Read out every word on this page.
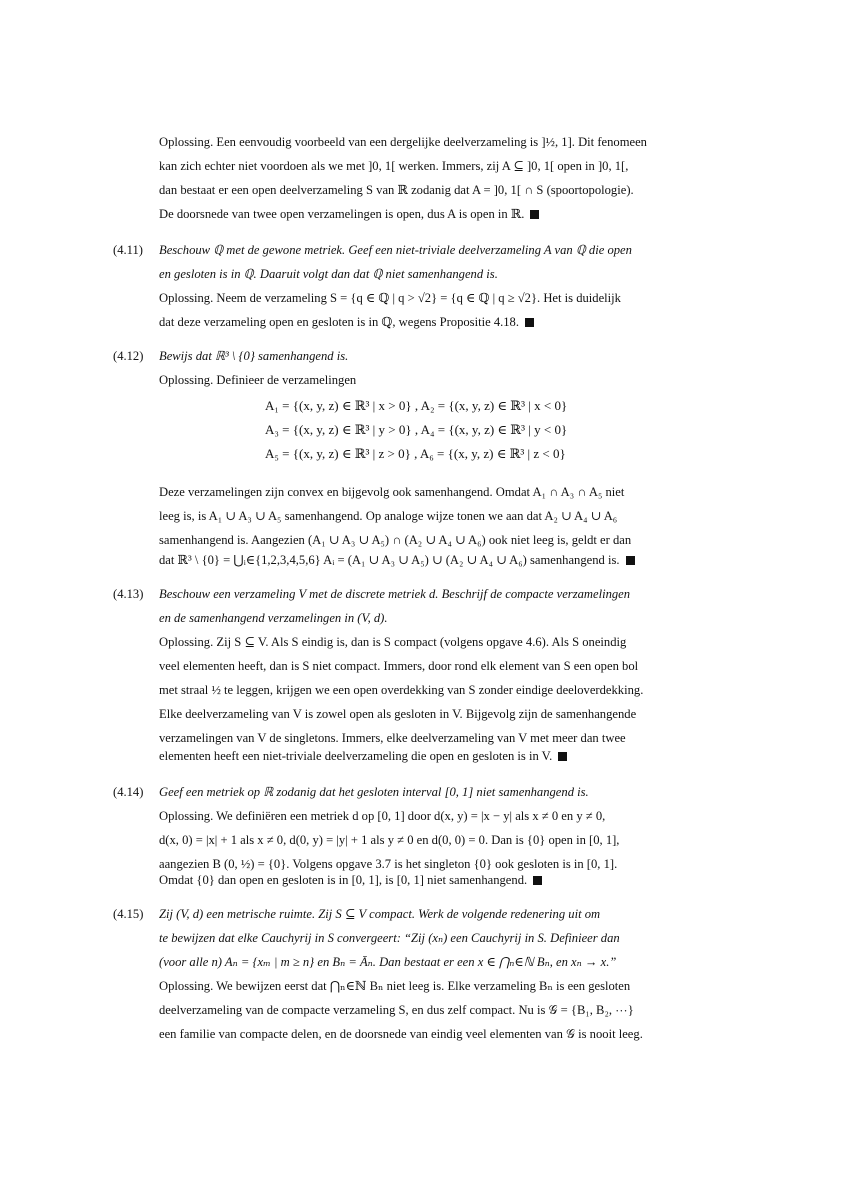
Oplossing. Een eenvoudig voorbeeld van een dergelijke deelverzameling is ]½, 1]. Dit fenomeen
kan zich echter niet voordoen als we met ]0, 1[ werken. Immers, zij A ⊆ ]0, 1[ open in ]0, 1[,
dan bestaat er een open deelverzameling S van ℝ zodanig dat A = ]0, 1[ ∩ S (spoortopologie).
De doorsnede van twee open verzamelingen is open, dus A is open in ℝ.
(4.11) Beschouw ℚ met de gewone metriek. Geef een niet-triviale deelverzameling A van ℚ die open
en gesloten is in ℚ. Daaruit volgt dan dat ℚ niet samenhangend is.
Oplossing. Neem de verzameling S = {q ∈ ℚ | q > √2} = {q ∈ ℚ | q ≥ √2}. Het is duidelijk
dat deze verzameling open en gesloten is in ℚ, wegens Propositie 4.18.
(4.12) Bewijs dat ℝ³ \ {0} samenhangend is.
Oplossing. Definieer de verzamelingen
A₁ = {(x, y, z) ∈ ℝ³ | x > 0} , A₂ = {(x, y, z) ∈ ℝ³ | x < 0}
A₃ = {(x, y, z) ∈ ℝ³ | y > 0} , A₄ = {(x, y, z) ∈ ℝ³ | y < 0}
A₅ = {(x, y, z) ∈ ℝ³ | z > 0} , A₆ = {(x, y, z) ∈ ℝ³ | z < 0}
Deze verzamelingen zijn convex en bijgevolg ook samenhangend. Omdat A₁ ∩ A₃ ∩ A₅ niet
leeg is, is A₁ ∪ A₃ ∪ A₅ samenhangend. Op analoge wijze tonen we aan dat A₂ ∪ A₄ ∪ A₆
samenhangend is. Aangezien (A₁ ∪ A₃ ∪ A₅) ∩ (A₂ ∪ A₄ ∪ A₆) ook niet leeg is, geldt er dan
dat ℝ³ \ {0} = ⋃ᵢ∈{1,2,3,4,5,6} Aᵢ = (A₁ ∪ A₃ ∪ A₅) ∪ (A₂ ∪ A₄ ∪ A₆) samenhangend is.
(4.13) Beschouw een verzameling V met de discrete metriek d. Beschrijf de compacte verzamelingen
en de samenhangend verzamelingen in (V, d).
Oplossing. Zij S ⊆ V. Als S eindig is, dan is S compact (volgens opgave 4.6). Als S oneindig
veel elementen heeft, dan is S niet compact. Immers, door rond elk element van S een open bol
met straal ½ te leggen, krijgen we een open overdekking van S zonder eindige deeloverdekking.
Elke deelverzameling van V is zowel open als gesloten in V. Bijgevolg zijn de samenhangende
verzamelingen van V de singletons. Immers, elke deelverzameling van V met meer dan twee
elementen heeft een niet-triviale deelverzameling die open en gesloten is in V.
(4.14) Geef een metriek op ℝ zodanig dat het gesloten interval [0, 1] niet samenhangend is.
Oplossing. We definiëren een metriek d op [0, 1] door d(x, y) = |x − y| als x ≠ 0 en y ≠ 0,
d(x, 0) = |x| + 1 als x ≠ 0, d(0, y) = |y| + 1 als y ≠ 0 en d(0, 0) = 0. Dan is {0} open in [0, 1],
aangezien B (0, ½) = {0}. Volgens opgave 3.7 is het singleton {0} ook gesloten is in [0, 1].
Omdat {0} dan open en gesloten is in [0, 1], is [0, 1] niet samenhangend.
(4.15) Zij (V, d) een metrische ruimte. Zij S ⊆ V compact. Werk de volgende redenering uit om
te bewijzen dat elke Cauchyrij in S convergeert: “Zij (xₙ) een Cauchyrij in S. Definieer dan
(voor alle n) Aₙ = {xₘ | m ≥ n} en Bₙ = Āₙ. Dan bestaat er een x ∈ ⋂ₙ∈ℕ Bₙ, en xₙ → x.”
Oplossing. We bewijzen eerst dat ⋂ₙ∈ℕ Bₙ niet leeg is. Elke verzameling Bₙ is een gesloten
deelverzameling van de compacte verzameling S, en dus zelf compact. Nu is 𝒢 = {B₁, B₂, ⋯}
een familie van compacte delen, en de doorsnede van eindig veel elementen van 𝒢 is nooit leeg.
